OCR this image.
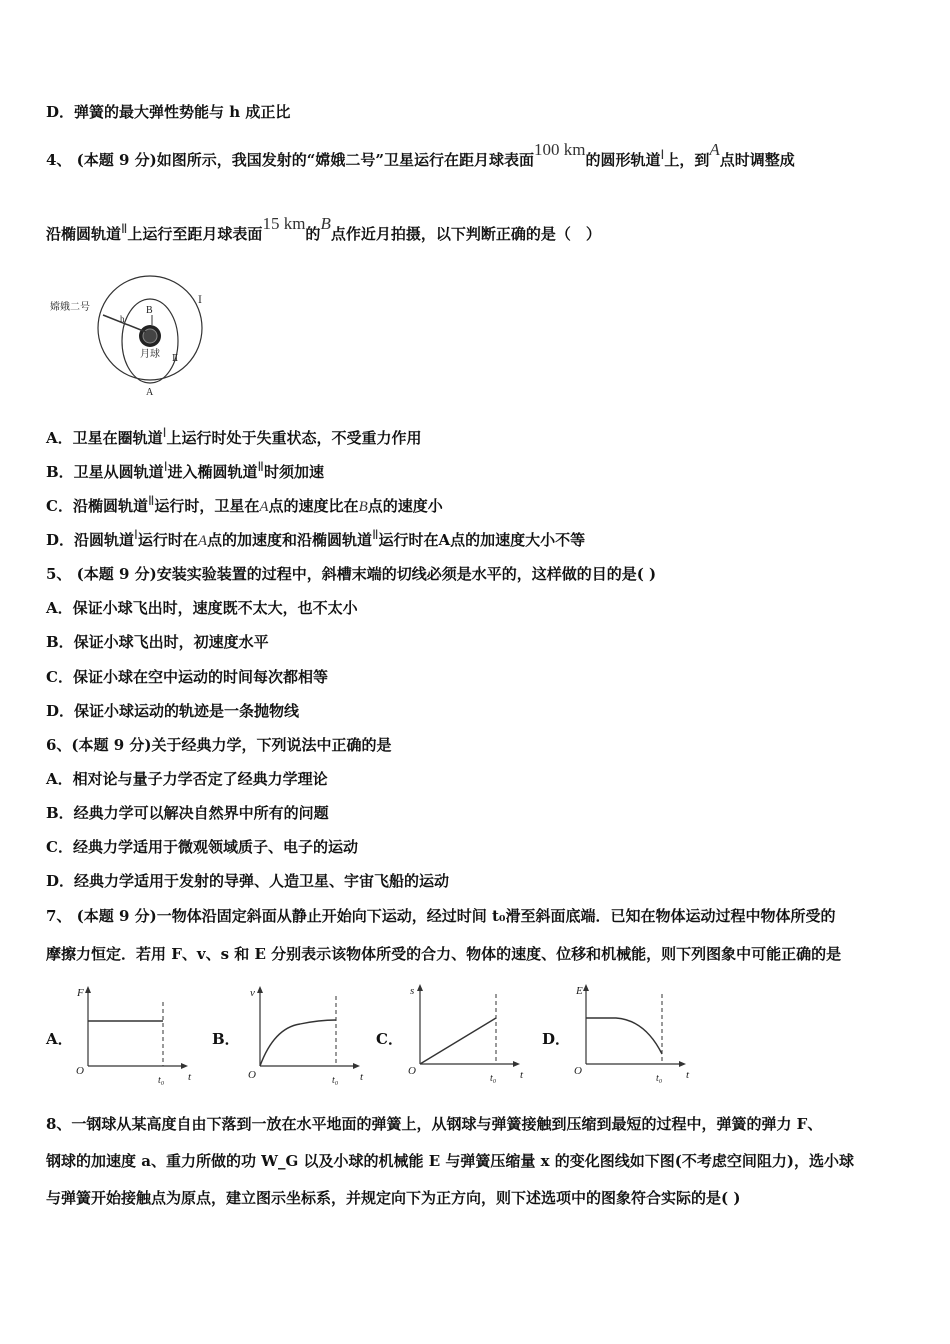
D．弹簧的最大弹性势能与 h 成正比
4、 (本题 9 分)如图所示，我国发射的“嫦娥二号”卫星运行在距月球表面100 km的圆形轨道Ⅰ上，到A点时调整成
沿椭圆轨道Ⅱ上运行至距月球表面15 km的B点作近月拍摄，以下判断正确的是（　）
嫦娥二号	B
月球
A
Ⅰ
Ⅱ
h
A．卫星在圈轨道Ⅰ上运行时处于失重状态，不受重力作用
B．卫星从圆轨道Ⅰ进入椭圆轨道Ⅱ时须加速
C．沿椭圆轨道Ⅱ运行时，卫星在A点的速度比在B点的速度小
D．沿圆轨道Ⅰ运行时在A点的加速度和沿椭圆轨道Ⅱ运行时在A点的加速度大小不等
5、 (本题 9 分)安装实验装置的过程中，斜槽末端的切线必须是水平的，这样做的目的是( )
A．保证小球飞出时，速度既不太大，也不太小
B．保证小球飞出时，初速度水平
C．保证小球在空中运动的时间每次都相等
D．保证小球运动的轨迹是一条抛物线
6、(本题 9 分)关于经典力学，下列说法中正确的是
A．相对论与量子力学否定了经典力学理论
B．经典力学可以解决自然界中所有的问题
C．经典力学适用于微观领域质子、电子的运动
D．经典力学适用于发射的导弹、人造卫星、宇宙飞船的运动
7、 (本题 9 分)一物体沿固定斜面从静止开始向下运动，经过时间 t₀滑至斜面底端．已知在物体运动过程中物体所受的
摩擦力恒定．若用 F、v、s 和 E 分别表示该物体所受的合力、物体的速度、位移和机械能，则下列图象中可能正确的是
A．
F
O
t₀ t
B．
v
O	t₀ t
C．
s
O
t₀ t
D．
E
O
t₀ t
8、一钢球从某高度自由下落到一放在水平地面的弹簧上，从钢球与弹簧接触到压缩到最短的过程中，弹簧的弹力 F、
钢球的加速度 a、重力所做的功 W_G 以及小球的机械能 E 与弹簧压缩量 x 的变化图线如下图(不考虑空间阻力)，选小球
与弹簧开始接触点为原点，建立图示坐标系，并规定向下为正方向，则下述选项中的图象符合实际的是( )
